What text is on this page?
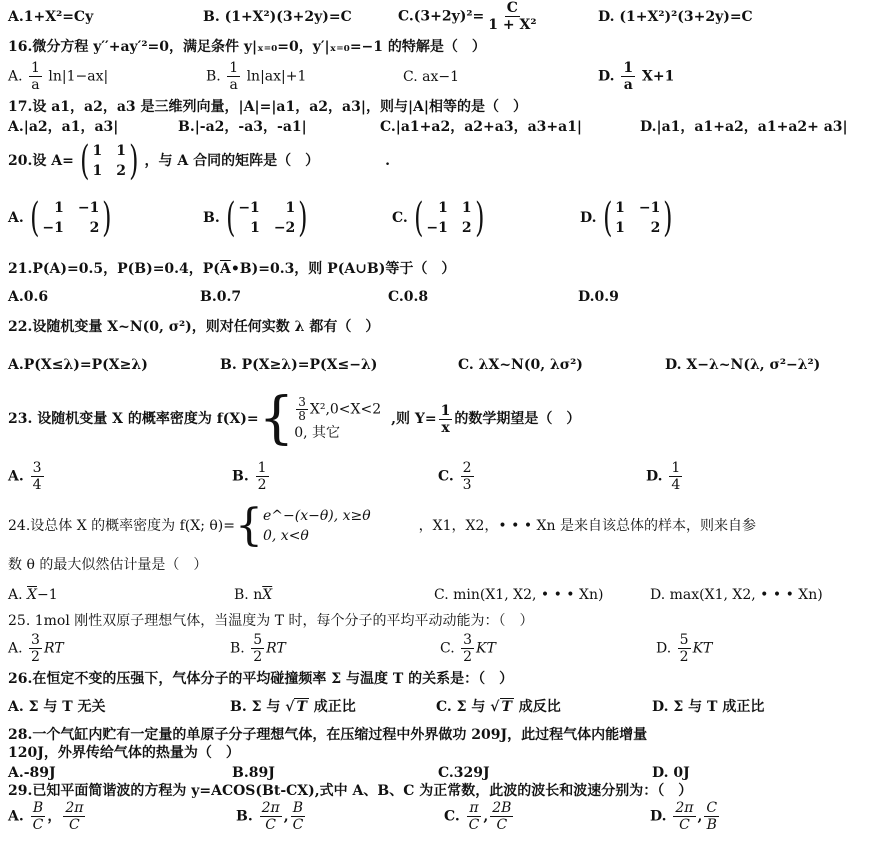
A.1+X²=Cy	B. (1+X²)(3+2y)=C	$C.(3+2y)^2= \frac{C}{\text{1 + X²}}$	D. (1+X²)²(3+2y)=C
16.微分方程 y′′+ay′²=0，满足条件 y|ₓ₌₀=0，y′|ₓ₌₀=−1 的特解是（　）
A. $\frac{1}{a} \ln|1-ax|$	B. $\frac{1}{a} \ln|ax|+1$	C. ax−1	D. $\frac{1}{a} X+1$
17.设 a1，a2，a3 是三维列向量，|A|=|a1，a2，a3|，则与|A|相等的是（　）
A.|a2，a1，a3|	B.|-a2，-a3，-a1|	C.|a1+a2，a2+a3，a3+a1|	D.|a1，a1+a2，a1+a2+ a3|
20.设 A= ( 1 1
1 2 ) ，与 A 合同的矩阵是（　）	.
A. (	1 −1
−1	2 )	B. ( −1	1
1 −2 )	C. (	1 1
−1 2 )	D. ( 1 −1
1	2 )
21.P(A)=0.5，P(B)=0.4，$P(\overline{A}•B)=0.3$，则 P(A∪B)等于（　）
A.0.6	B.0.7	C.0.8	D.0.9
22.设随机变量 X~N(0, σ²)，则对任何实数 λ 都有（　）
A.P(X≤λ)=P(X≥λ)	B. P(X≥λ)=P(X≤−λ)	C. λX~N(0, λσ²)	D. X−λ~N(λ, σ²−λ²)
23. 设随机变量 X 的概率密度为 f(X)= { $\frac{3}{8} X^2,0<X<2$
0, 其它
,则 $Y= \frac{1}{x}$ 的数学期望是（　）
A. $\frac{3}{4}$	B. $\frac{1}{2}$	C. $\frac{2}{3}$	D. $\frac{1}{4}$
24.设总体 X 的概率密度为 f(X; θ)= { e^−(x−θ), x≥θ
0, x<θ
，X1，X2，• • • Xn 是来自该总体的样本，则来自参
数 θ 的最大似然估计量是（　）
A. $\overline{X}-1$	B. $n\overline{X}$	C. min(X1, X2, • • • Xn)	D. max(X1, X2, • • • Xn)
25. 1mol 刚性双原子理想气体，当温度为 T 时，每个分子的平均平动动能为：（　）
A. $\frac{3}{2}$ RT	B. $\frac{5}{2}$ RT	C. $\frac{3}{2}$ KT	D. $\frac{5}{2}$ KT
26.在恒定不变的压强下，气体分子的平均碰撞频率 Σ 与温度 T 的关系是：（　）
A. Σ 与 T 无关	B. Σ 与 √ T 成正比	C. Σ 与 √ T 成反比	D. Σ 与 T 成正比
28.一个气缸内贮有一定量的单原子分子理想气体，在压缩过程中外界做功 209J，此过程气体内能增量
120J，外界传给气体的热量为（　）
A.-89J	B.89J	C.329J	D. 0J
29.已知平面简谐波的方程为 y=ACOS(Bt-CX),式中 A、B、C 为正常数，此波的波长和波速分别为：（　）
A. $\frac{B}{C}$ ， $\frac{2\pi}{C}$	B. $\frac{2\pi}{C}$ , $\frac{B}{C}$	C. $\frac{\pi}{C}$ , $\frac{2B}{C}$	D. $\frac{2\pi}{C}$ , $\frac{C}{B}$
